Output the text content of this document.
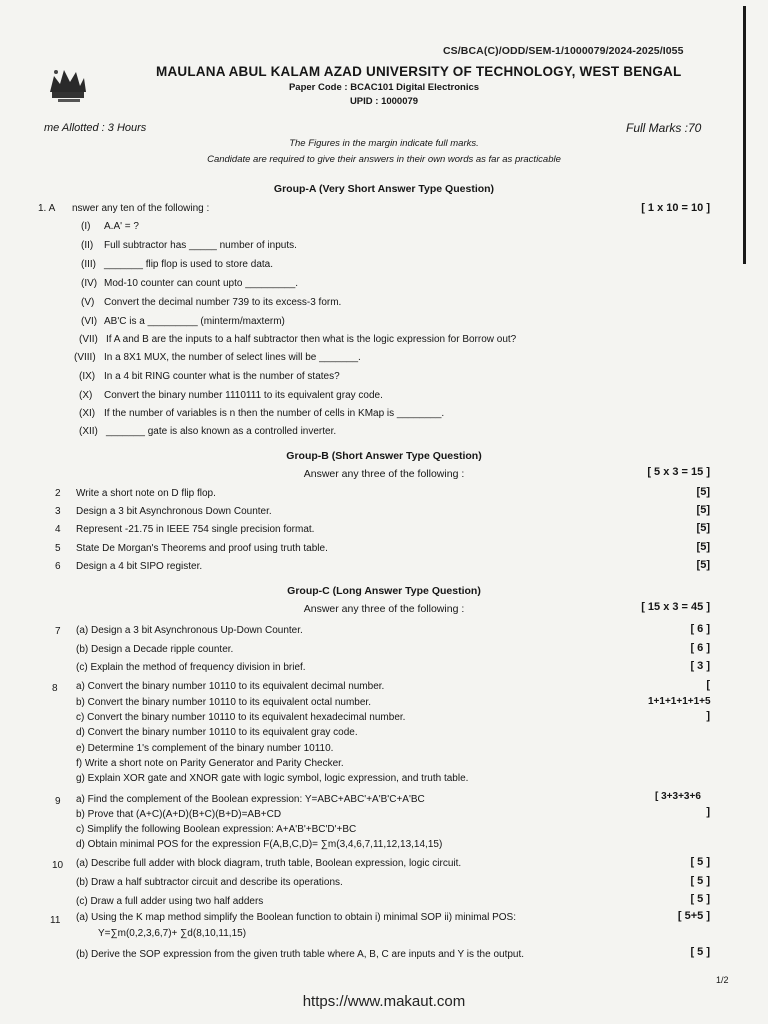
CS/BCA(C)/ODD/SEM-1/1000079/2024-2025/I055
MAULANA ABUL KALAM AZAD UNIVERSITY OF TECHNOLOGY, WEST BENGAL
Paper Code : BCAC101 Digital Electronics
UPID : 1000079
me Allotted : 3 Hours	Full Marks :70
The Figures in the margin indicate full marks.
Candidate are required to give their answers in their own words as far as practicable
Group-A (Very Short Answer Type Question)
1. A nswer any ten of the following :	[ 1 x 10 = 10 ]
(I) A.A' = ?
(II) Full subtractor has _____ number of inputs.
(III) _______ flip flop is used to store data.
(IV) Mod-10 counter can count upto _________.
(V) Convert the decimal number 739 to its excess-3 form.
(VI) AB'C is a _________ (minterm/maxterm)
(VII) If A and B are the inputs to a half subtractor then what is the logic expression for Borrow out?
(VIII) In a 8X1 MUX, the number of select lines will be _______.
(IX) In a 4 bit RING counter what is the number of states?
(X) Convert the binary number 1110111 to its equivalent gray code.
(XI) If the number of variables is n then the number of cells in KMap is ________.
(XII) _______ gate is also known as a controlled inverter.
Group-B (Short Answer Type Question)
Answer any three of the following :	[ 5 x 3 = 15 ]
2 Write a short note on D flip flop.	[5]
3 Design a 3 bit Asynchronous Down Counter.	[5]
4 Represent -21.75 in IEEE 754 single precision format.	[5]
5 State De Morgan's Theorems and proof using truth table.	[5]
6 Design a 4 bit SIPO register.	[5]
Group-C (Long Answer Type Question)
Answer any three of the following :	[ 15 x 3 = 45 ]
7 (a) Design a 3 bit Asynchronous Up-Down Counter.	[ 6 ]
(b) Design a Decade ripple counter.	[ 6 ]
(c) Explain the method of frequency division in brief.	[ 3 ]
8 a) Convert the binary number 10110 to its equivalent decimal number.
b) Convert the binary number 10110 to its equivalent octal number.
c) Convert the binary number 10110 to its equivalent hexadecimal number.
d) Convert the binary number 10110 to its equivalent gray code.
e) Determine 1's complement of the binary number 10110.
f) Write a short note on Parity Generator and Parity Checker.
g) Explain XOR gate and XNOR gate with logic symbol, logic expression, and truth table.
[
1+1+1+1+1+5
]
9 a) Find the complement of the Boolean expression: Y=ABC+ABC'+A'B'C+A'BC
b) Prove that (A+C)(A+D)(B+C)(B+D)=AB+CD
c) Simplify the following Boolean expression: A+A'B'+BC'D'+BC
d) Obtain minimal POS for the expression F(A,B,C,D)= ∑m(3,4,6,7,11,12,13,14,15)
[ 3+3+3+6
]
10 (a) Describe full adder with block diagram, truth table, Boolean expression, logic circuit.	[ 5 ]
(b) Draw a half subtractor circuit and describe its operations.	[ 5 ]
(c) Draw a full adder using two half adders	[ 5 ]
11 (a) Using the K map method simplify the Boolean function to obtain i) minimal SOP ii) minimal POS:
Y=∑m(0,2,3,6,7)+ ∑d(8,10,11,15)
[ 5+5 ]
(b) Derive the SOP expression from the given truth table where A, B, C are inputs and Y is the output.	[ 5 ]
1/2
https://www.makaut.com
